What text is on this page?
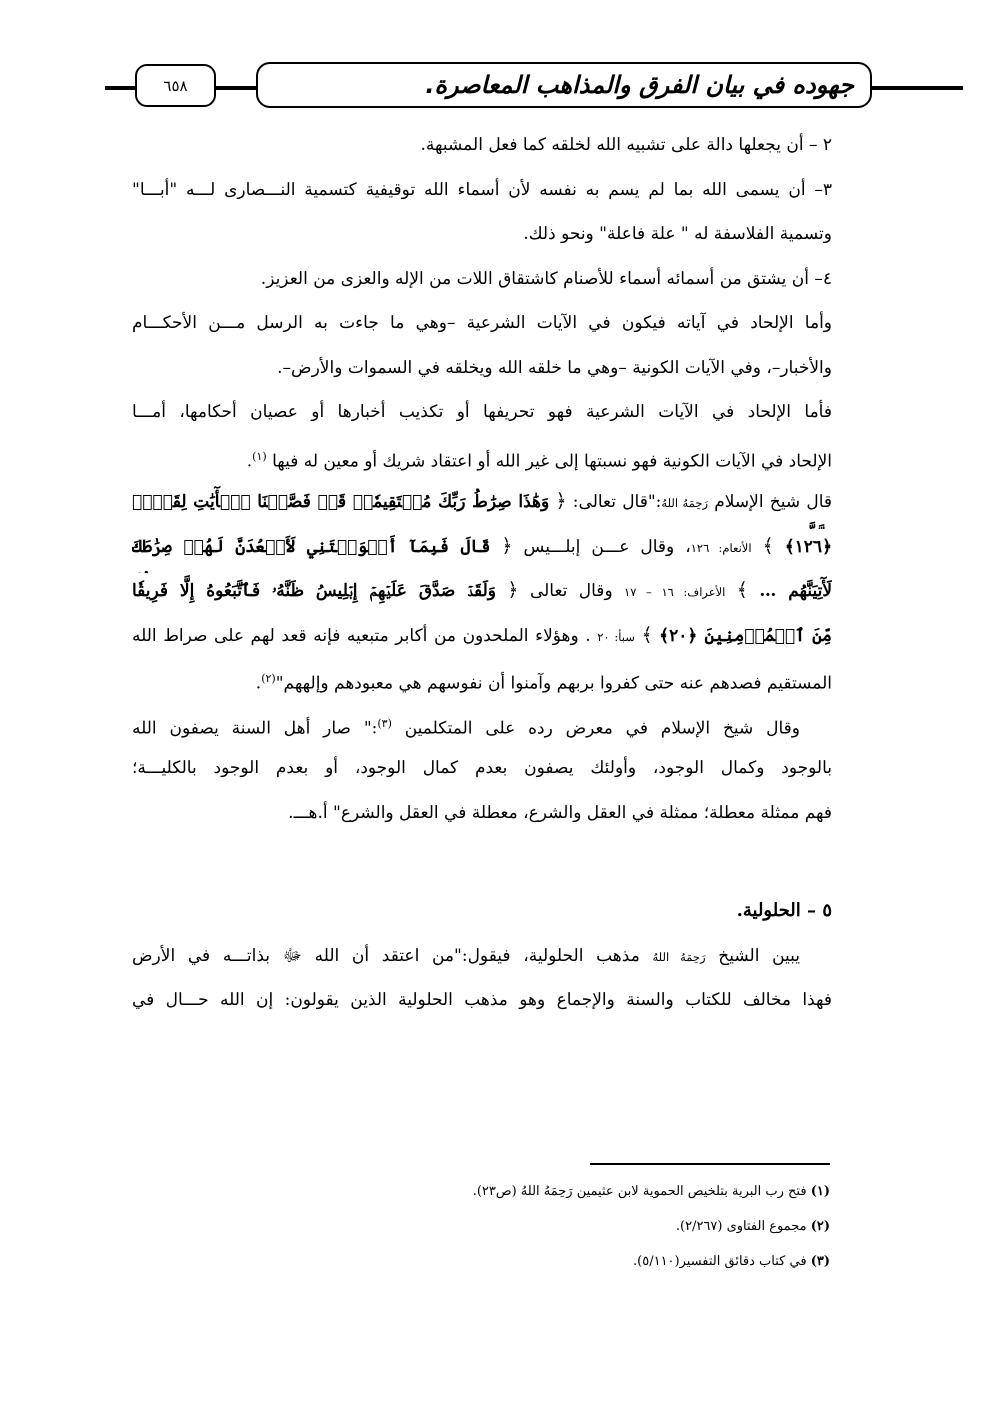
جهوده في بيان الفرق والمذاهب المعاصرة.
٦٥٨
٢ – أن يجعلها دالة على تشبيه الله لخلقه كما فعل المشبهة.
٣– أن يسمى الله بما لم يسم به نفسه لأن أسماء الله توقيفية كتسمية النـــصارى لـــه "أبـــا"
وتسمية الفلاسفة له " علة فاعلة" ونحو ذلك.
٤– أن يشتق من أسمائه أسماء للأصنام كاشتقاق اللات من الإله والعزى من العزيز.
وأما الإلحاد في آياته فيكون في الآيات الشرعية –وهي ما جاءت به الرسل مـــن الأحكـــام
والأخبار–، وفي الآيات الكونية –وهي ما خلقه الله ويخلقه في السموات والأرض–.
فأما الإلحاد في الآيات الشرعية فهو تحريفها أو تكذيب أخبارها أو عصيان أحكامها، أمـــا
الإلحاد في الآيات الكونية فهو نسبتها إلى غير الله أو اعتقاد شريك أو معين له فيها $^{(١)}$.
قال شيخ الإسلام رَحِمَهُ اللهُ:"قال تعالى: ﴿ وَهَٰذَا صِرَٰطُ رَبِّكَ مُسۡتَقِيمٗاۗ قَدۡ فَصَّلۡنَا ٱلۡأٓيَٰتِ لِقَوۡمٖ
﴿١٢٦﴾ ﴾ الأنعام: ١٢٦، وقال عـــن إبلـــيس ﴿ قَالَ فَبِمَآ أَغۡوَيۡتَنِي لَأَقۡعُدَنَّ لَهُمۡ صِرَٰطَكَ
لَأٓتِيَنَّهُم … ﴾ الأعراف: ١٦ – ١٧ وقال تعالى ﴿ وَلَقَدۡ صَدَّقَ عَلَيۡهِمۡ إِبۡلِيسُ ظَنَّهُۥ فَٱتَّبَعُوهُ إِلَّا فَرِيقٗا
مِّنَ ٱلۡمُؤۡمِنِينَ ﴿٢٠﴾ ﴾ سبأ: ٢٠ . وهؤلاء الملحدون من أكابر متبعيه فإنه قعد لهم على صراط الله
المستقيم فصدهم عنه حتى كفروا بربهم وآمنوا أن نفوسهم هي معبودهم وإلههم"$^{(٢)}$.
وقال شيخ الإسلام في معرض رده على المتكلمين $^{(٣)}$:" صار أهل السنة يصفون الله
بالوجود وكمال الوجود، وأولئك يصفون بعدم كمال الوجود، أو بعدم الوجود بالكليـــة؛
فهم ممثلة معطلة؛ ممثلة في العقل والشرع، معطلة في العقل والشرع" أ.هـــ.
٥ – الحلولية.
يبين الشيخ رَحِمَهُ اللهُ مذهب الحلولية، فيقول:"من اعتقد أن الله ﷻ بذاتـــه في الأرض
فهذا مخالف للكتاب والسنة والإجماع وهو مذهب الحلولية الذين يقولون: إن الله حـــال في
(١) فتح رب البرية بتلخيص الحموية لابن عثيمين رَحِمَهُ اللهُ (ص٢٣).
(٢) مجموع الفتاوى (٢/٢٦٧).
(٣) في كتاب دقائق التفسير(٥/١١٠).
